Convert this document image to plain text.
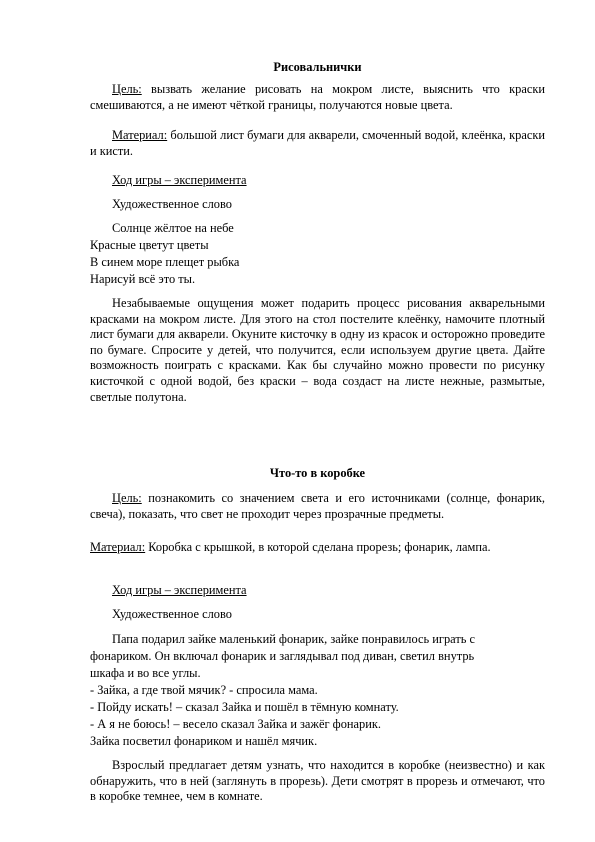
Рисовальнички
Цель: вызвать желание рисовать на мокром листе, выяснить что краски смешиваются, а не имеют чёткой границы, получаются новые цвета.
Материал: большой лист бумаги для акварели, смоченный водой, клеёнка, краски и кисти.
Ход игры – эксперимента
Художественное слово
Солнце жёлтое на небе
Красные цветут цветы
В синем море плещет рыбка
Нарисуй всё это ты.
Незабываемые ощущения может подарить процесс рисования акварельными красками на мокром листе. Для этого на стол постелите клеёнку, намочите плотный лист бумаги для акварели. Окуните кисточку в одну из красок и осторожно проведите по бумаге. Спросите у детей, что получится, если используем другие цвета. Дайте возможность поиграть с красками. Как бы случайно можно провести по рисунку кисточкой с одной водой, без краски – вода создаст на листе нежные, размытые, светлые полутона.
Что-то в коробке
Цель: познакомить со значением света и его источниками (солнце, фонарик, свеча), показать, что свет не проходит через прозрачные предметы.
Материал: Коробка с крышкой, в которой сделана прорезь; фонарик, лампа.
Ход игры – эксперимента
Художественное слово
Папа подарил зайке маленький фонарик, зайке понравилось играть с
фонариком. Он включал фонарик и заглядывал под диван, светил внутрь
шкафа и во все углы.
- Зайка, а где твой мячик? - спросила мама.
- Пойду искать! – сказал Зайка и пошёл в тёмную комнату.
- А я не боюсь! – весело сказал Зайка и зажёг фонарик.
Зайка посветил фонариком и нашёл мячик.
Взрослый предлагает детям узнать, что находится в коробке (неизвестно) и как обнаружить, что в ней (заглянуть в прорезь). Дети смотрят в прорезь и отмечают, что в коробке темнее, чем в комнате.
